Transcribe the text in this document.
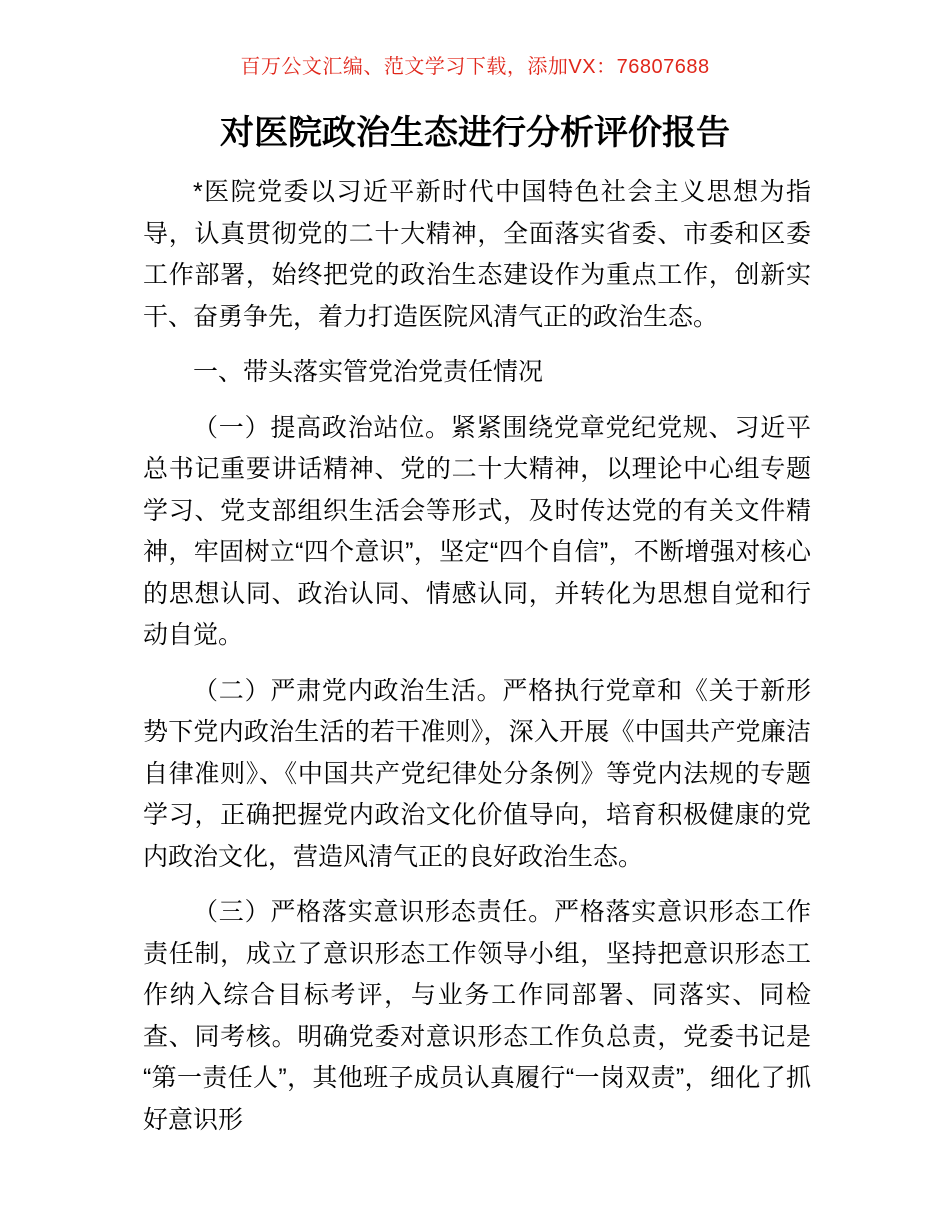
百万公文汇编、范文学习下载，添加VX：76807688
对医院政治生态进行分析评价报告

*医院党委以习近平新时代中国特色社会主义思想为指导，认真贯彻党的二十大精神，全面落实省委、市委和区委工作部署，始终把党的政治生态建设作为重点工作，创新实干、奋勇争先，着力打造医院风清气正的政治生态。

一、带头落实管党治党责任情况

（一）提高政治站位。紧紧围绕党章党纪党规、习近平总书记重要讲话精神、党的二十大精神，以理论中心组专题学习、党支部组织生活会等形式，及时传达党的有关文件精神，牢固树立“四个意识”，坚定“四个自信”，不断增强对核心的思想认同、政治认同、情感认同，并转化为思想自觉和行动自觉。

（二）严肃党内政治生活。严格执行党章和《关于新形势下党内政治生活的若干准则》，深入开展《中国共产党廉洁自律准则》、《中国共产党纪律处分条例》等党内法规的专题学习，正确把握党内政治文化价值导向，培育积极健康的党内政治文化，营造风清气正的良好政治生态。

（三）严格落实意识形态责任。严格落实意识形态工作责任制，成立了意识形态工作领导小组，坚持把意识形态工作纳入综合目标考评，与业务工作同部署、同落实、同检查、同考核。明确党委对意识形态工作负总责，党委书记是“第一责任人”，其他班子成员认真履行“一岗双责”，细化了抓好意识形
